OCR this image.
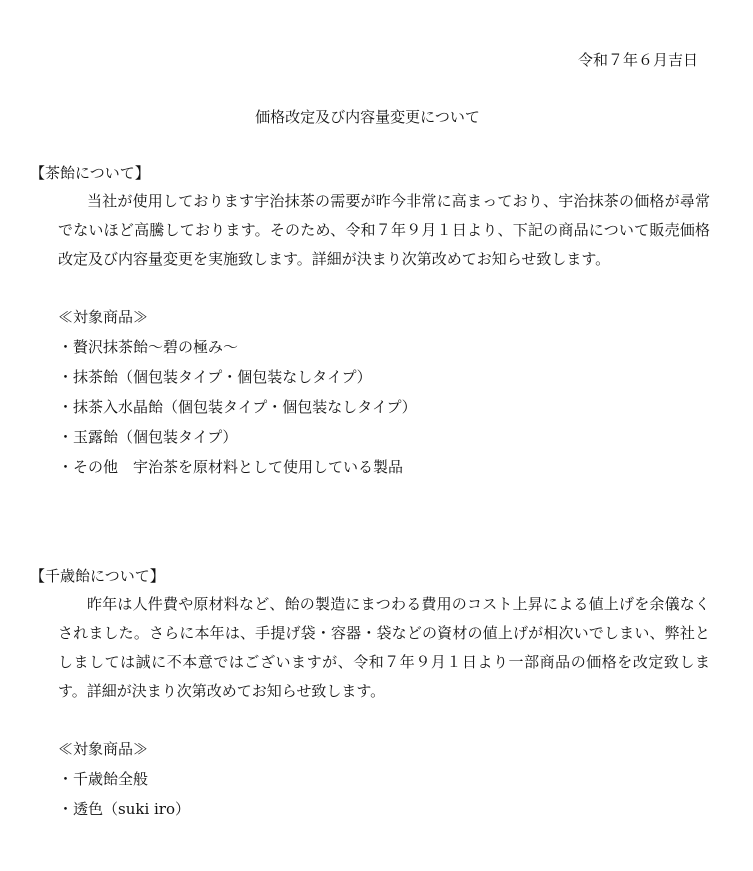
令和７年６月吉日
価格改定及び内容量変更について
【茶飴について】

当社が使用しております宇治抹茶の需要が昨今非常に高まっており、宇治抹茶の価格が尋常でないほど高騰しております。そのため、令和７年９月１日より、下記の商品について販売価格改定及び内容量変更を実施致します。詳細が決まり次第改めてお知らせ致します。

≪対象商品≫
・贅沢抹茶飴～碧の極み～
・抹茶飴（個包装タイプ・個包装なしタイプ）
・抹茶入水晶飴（個包装タイプ・個包装なしタイプ）
・玉露飴（個包装タイプ）
・その他　宇治茶を原材料として使用している製品
【千歳飴について】

昨年は人件費や原材料など、飴の製造にまつわる費用のコスト上昇による値上げを余儀なくされました。さらに本年は、手提げ袋・容器・袋などの資材の値上げが相次いでしまい、弊社としましては誠に不本意ではございますが、令和７年９月１日より一部商品の価格を改定致します。詳細が決まり次第改めてお知らせ致します。

≪対象商品≫
・千歳飴全般
・透色（suki iro）
